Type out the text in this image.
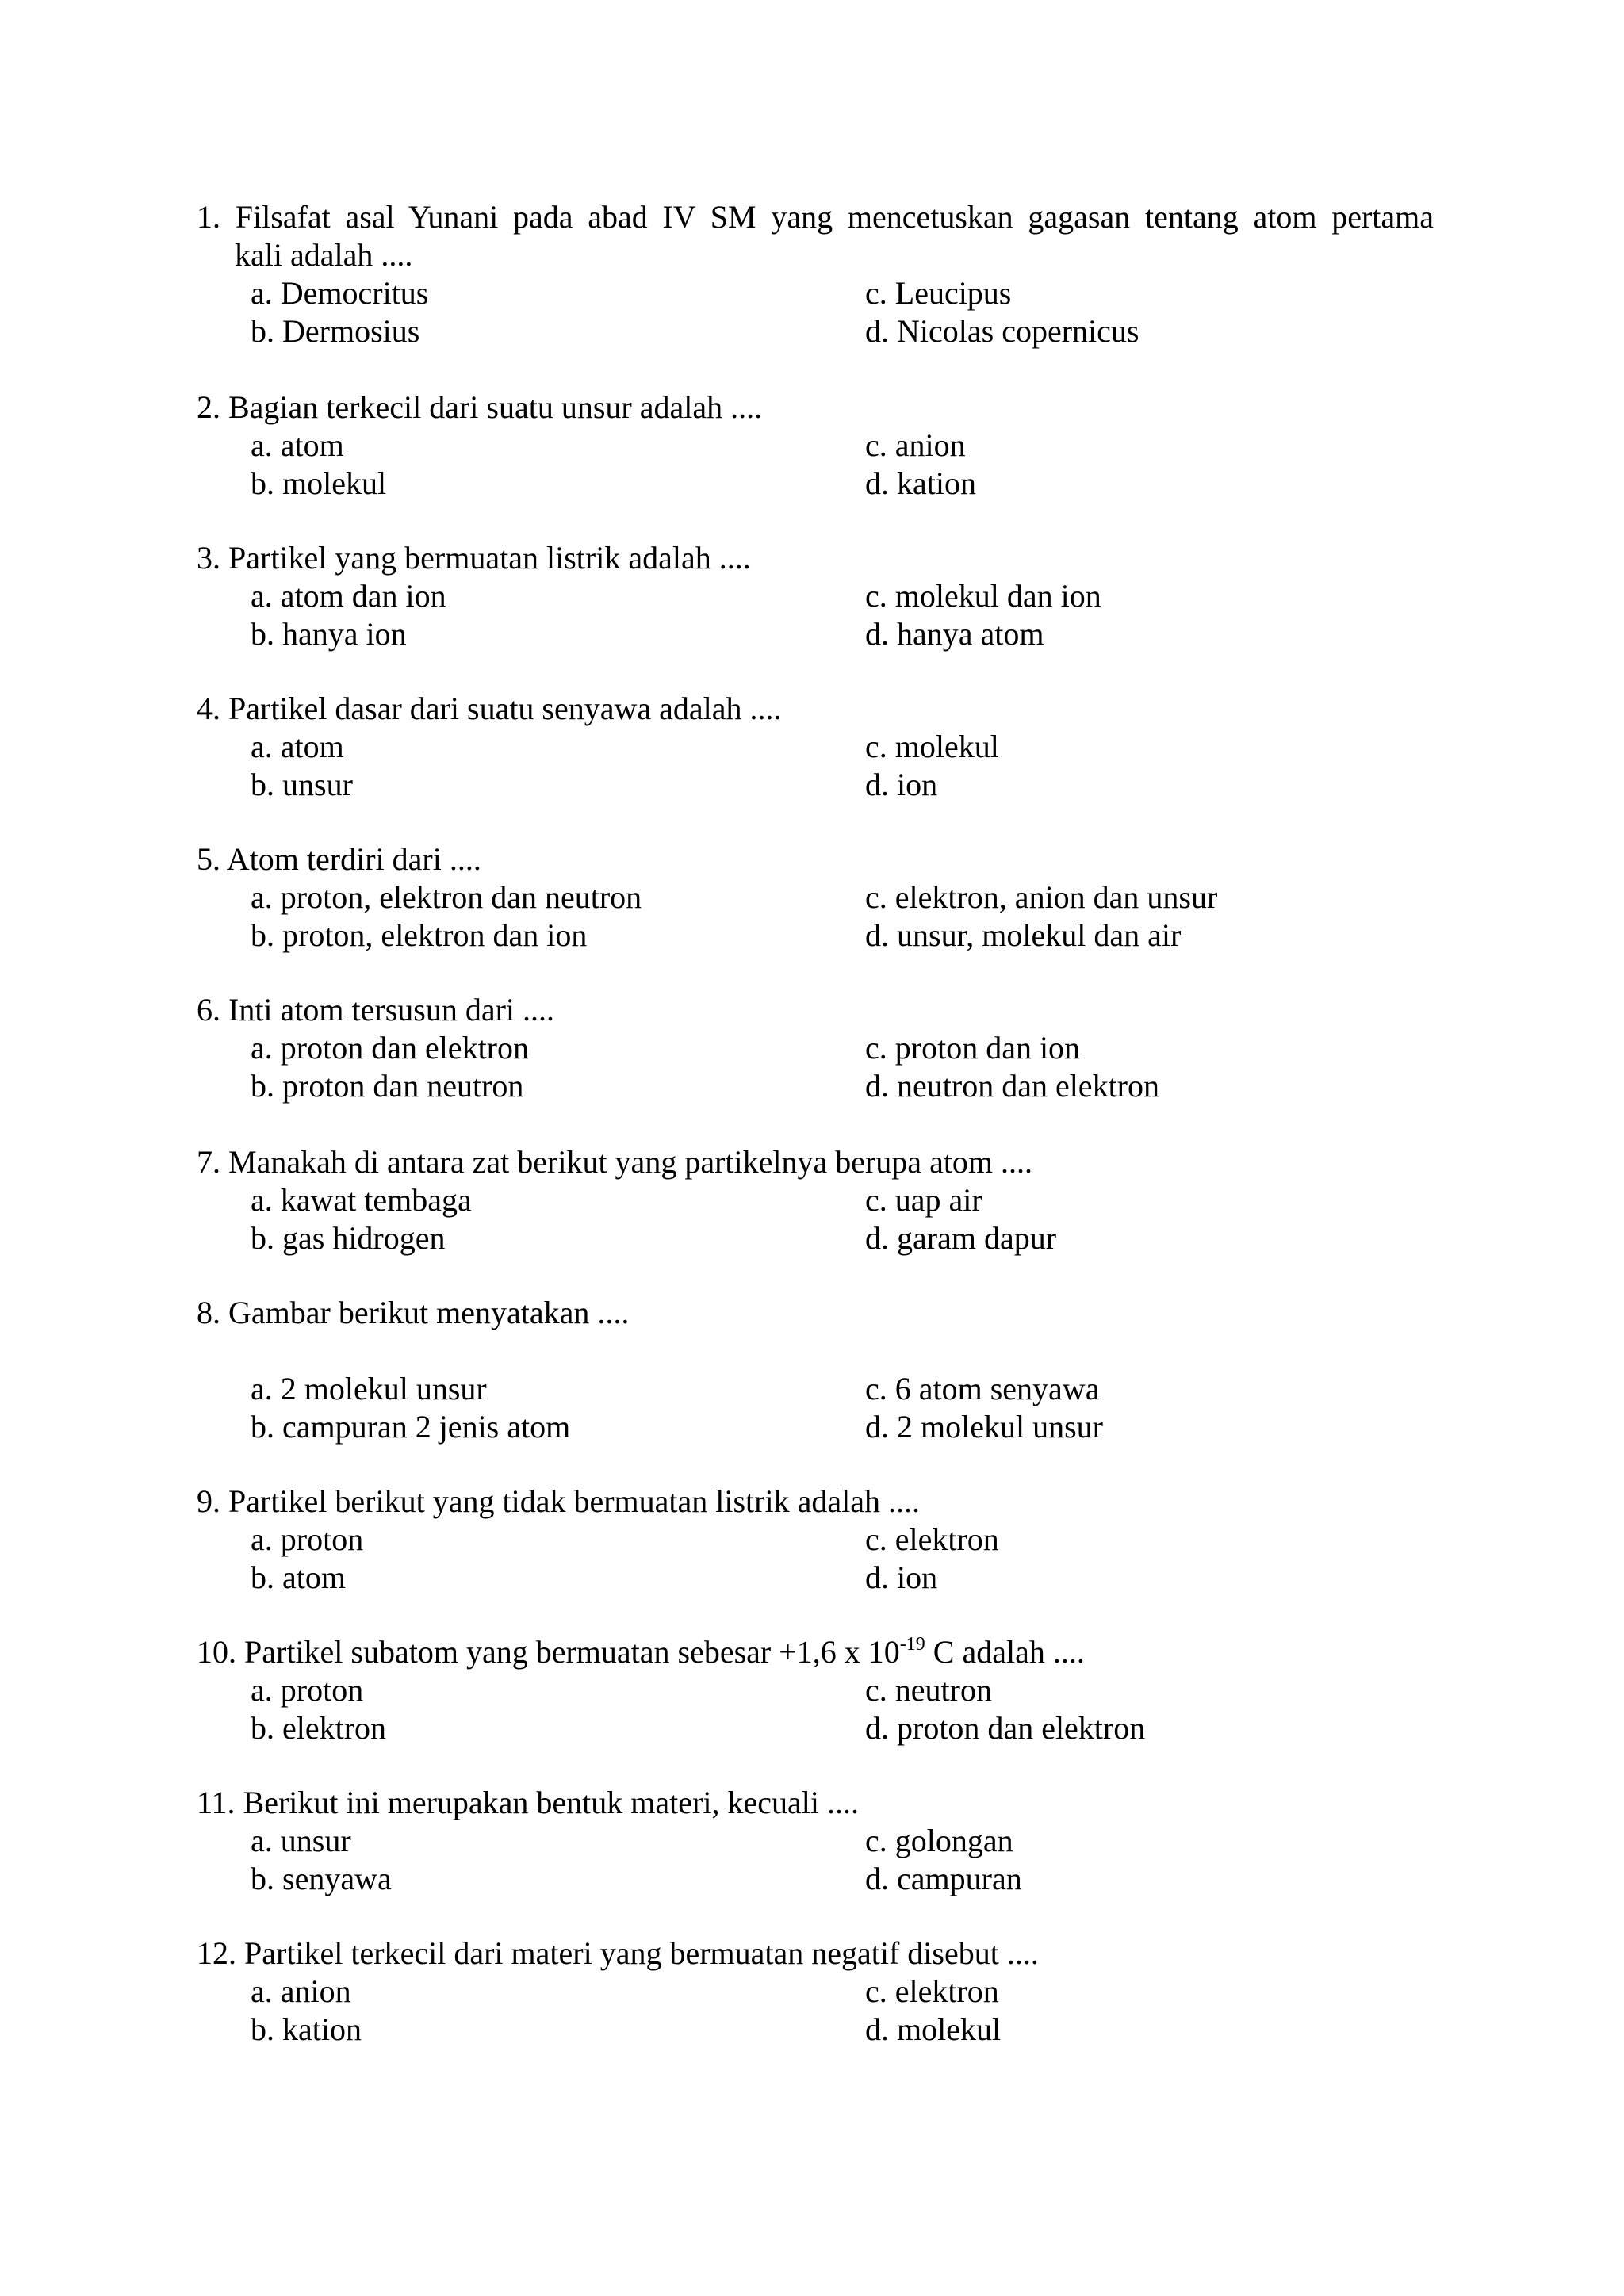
1. Filsafat asal Yunani pada abad IV SM yang mencetuskan gagasan tentang atom pertama
kali adalah ....
a. Democritus	c. Leucipus
b. Dermosius	d. Nicolas copernicus
2. Bagian terkecil dari suatu unsur adalah ....
a. atom	c. anion
b. molekul	d. kation
3. Partikel yang bermuatan listrik adalah ....
a. atom dan ion	c. molekul dan ion
b. hanya ion	d. hanya atom
4. Partikel dasar dari suatu senyawa adalah ....
a. atom	c. molekul
b. unsur	d. ion
5. Atom terdiri dari ....
a. proton, elektron dan neutron	c. elektron, anion dan unsur
b. proton, elektron dan ion	d. unsur, molekul dan air
6. Inti atom tersusun dari ....
a. proton dan elektron	c. proton dan ion
b. proton dan neutron	d. neutron dan elektron
7. Manakah di antara zat berikut yang partikelnya berupa atom ....
a. kawat tembaga	c. uap air
b. gas hidrogen	d. garam dapur
8. Gambar berikut menyatakan ....
a. 2 molekul unsur	c. 6 atom senyawa
b. campuran 2 jenis atom	d. 2 molekul unsur
9. Partikel berikut yang tidak bermuatan listrik adalah ....
a. proton	c. elektron
b. atom	d. ion
10. Partikel subatom yang bermuatan sebesar +1,6 x $10^{-19}$ C adalah ....
a. proton	c. neutron
b. elektron	d. proton dan elektron
11. Berikut ini merupakan bentuk materi, kecuali ....
a. unsur	c. golongan
b. senyawa	d. campuran
12. Partikel terkecil dari materi yang bermuatan negatif disebut ....
a. anion	c. elektron
b. kation	d. molekul
